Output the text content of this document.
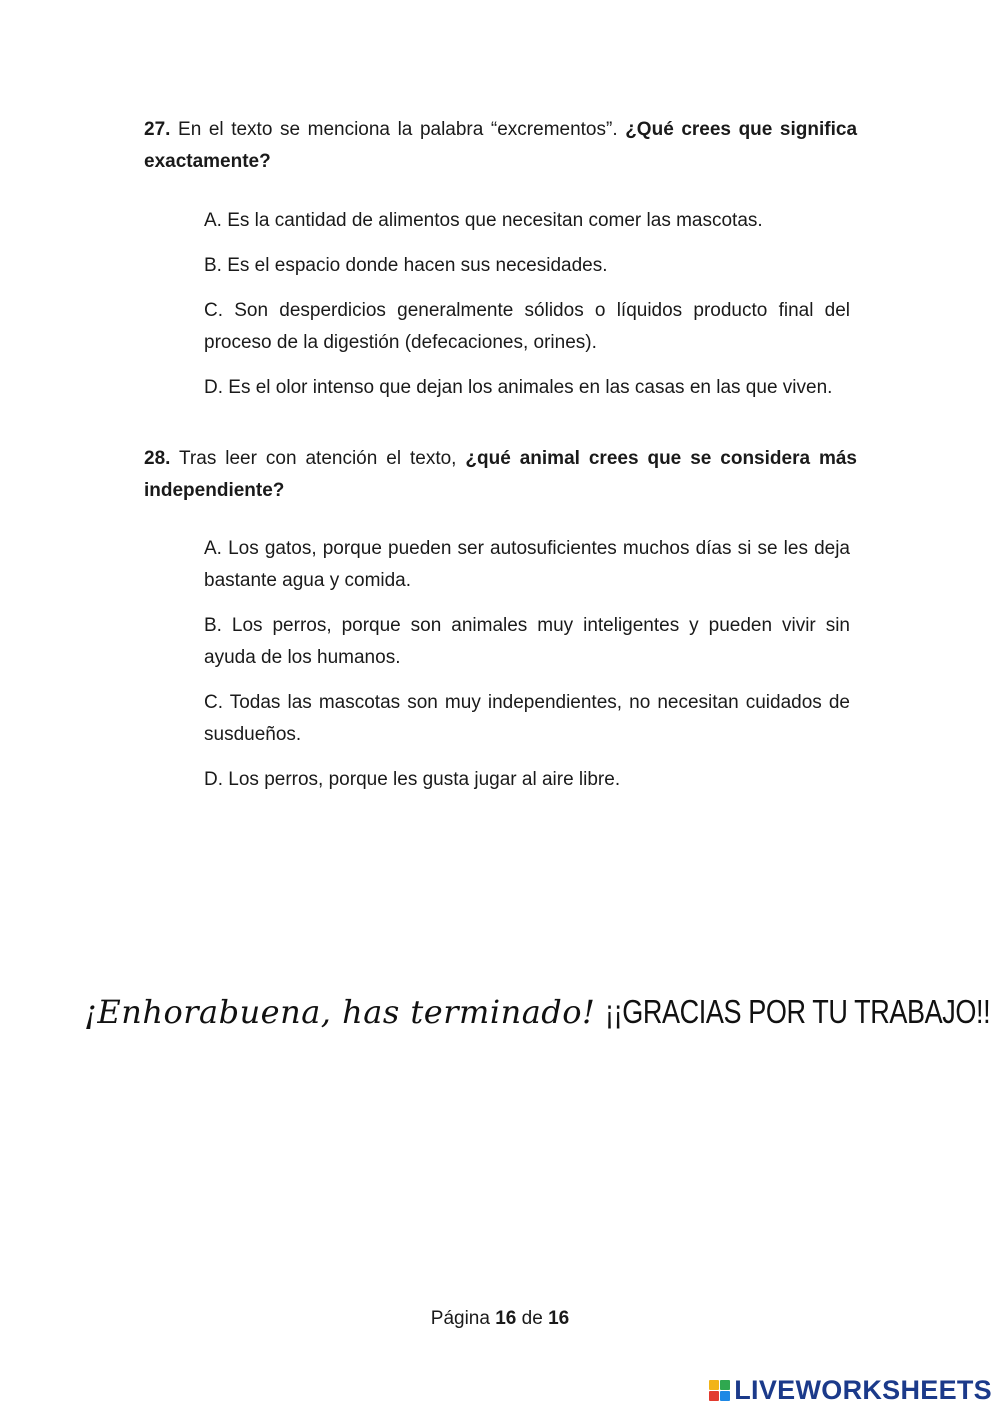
27. En el texto se menciona la palabra “excrementos”. ¿Qué crees que significa exactamente?
A. Es la cantidad de alimentos que necesitan comer las mascotas.
B. Es el espacio donde hacen sus necesidades.
C. Son desperdicios generalmente sólidos o líquidos producto final del proceso de la digestión (defecaciones, orines).
D. Es el olor intenso que dejan los animales en las casas en las que viven.
28. Tras leer con atención el texto, ¿qué animal crees que se considera más independiente?
A. Los gatos, porque pueden ser autosuficientes muchos días si se les deja bastante agua y comida.
B. Los perros, porque son animales muy inteligentes y pueden vivir sin ayuda de los humanos.
C. Todas las mascotas son muy independientes, no necesitan cuidados de susdueños.
D. Los perros, porque les gusta jugar al aire libre.
¡Enhorabuena, has terminado! ¡¡GRACIAS POR TU TRABAJO!!
Página 16 de 16
LIVEWORKSHEETS
